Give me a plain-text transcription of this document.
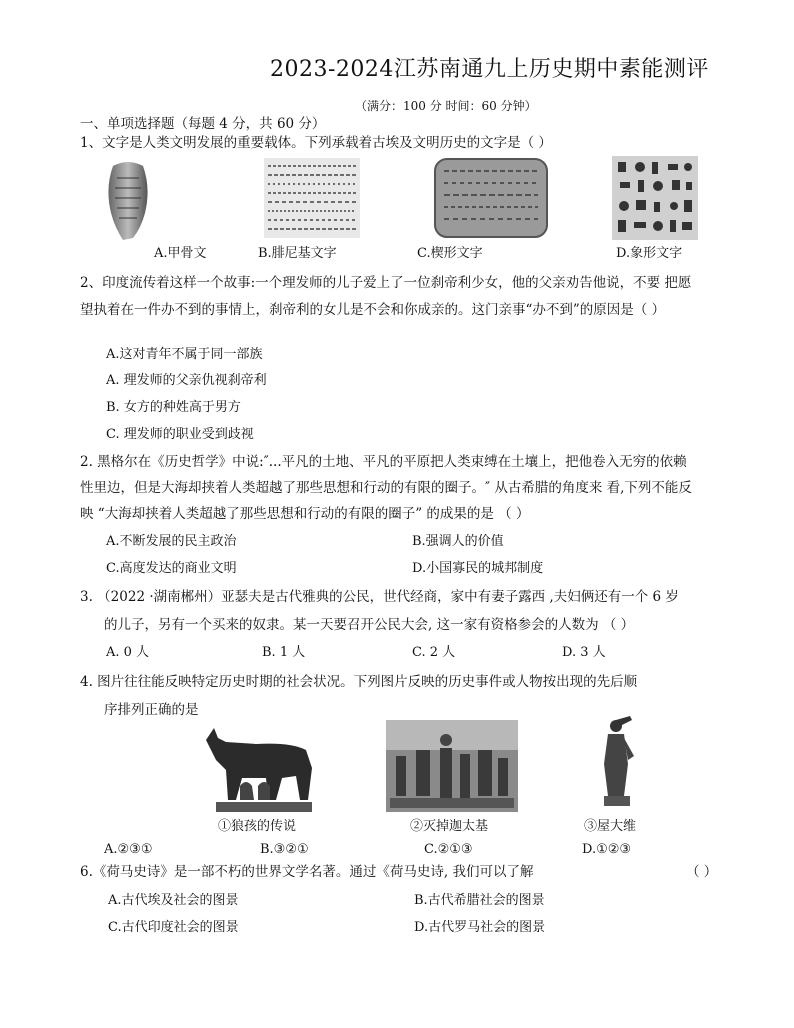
2023-2024江苏南通九上历史期中素能测评
（满分：100 分 时间：60 分钟）
一、单项选择题（每题 4 分，共 60 分）
1、文字是人类文明发展的重要载体。下列承载着古埃及文明历史的文字是（ ）
A.甲骨文	B.腓尼基文字	C.楔形文字	D.象形文字
2、印度流传着这样一个故事:一个理发师的儿子爱上了一位刹帝利少女，他的父亲劝告他说，不要 把愿
望执着在一件办不到的事情上，刹帝利的女儿是不会和你成亲的。这门亲事“办不到”的原因是（ ）
A.这对青年不属于同一部族
A. 理发师的父亲仇视刹帝利
B. 女方的种姓高于男方
C. 理发师的职业受到歧视
2. 黑格尔在《历史哲学》中说:″...平凡的土地、平凡的平原把人类束缚在土壤上，把他卷入无穷的依赖
性里边，但是大海却挟着人类超越了那些思想和行动的有限的圈子。″ 从古希腊的角度来 看,下列不能反
映 “大海却挟着人类超越了那些思想和行动的有限的圈子” 的成果的是 （ ）
A.不断发展的民主政治	B.强调人的价值
C.高度发达的商业文明	D.小国寡民的城邦制度
3. （2022 ·湖南郴州）亚瑟夫是古代雅典的公民，世代经商，家中有妻子露西 ,夫妇俩还有一个 6 岁
的儿子，另有一个买来的奴隶。某一天要召开公民大会, 这一家有资格参会的人数为 （ ）
A. 0 人	B. 1 人	C. 2 人	D. 3 人
4. 图片往往能反映特定历史时期的社会状况。下列图片反映的历史事件或人物按出现的先后顺
序排列正确的是
①狼孩的传说	②灭掉迦太基	③屋大维
A.②③①	B.③②①	C.②①③	D.①②③
6.《荷马史诗》是一部不朽的世界文学名著。通过《荷马史诗, 我们可以了解	（ ）
A.古代埃及社会的图景	B.古代希腊社会的图景
C.古代印度社会的图景	D.古代罗马社会的图景
